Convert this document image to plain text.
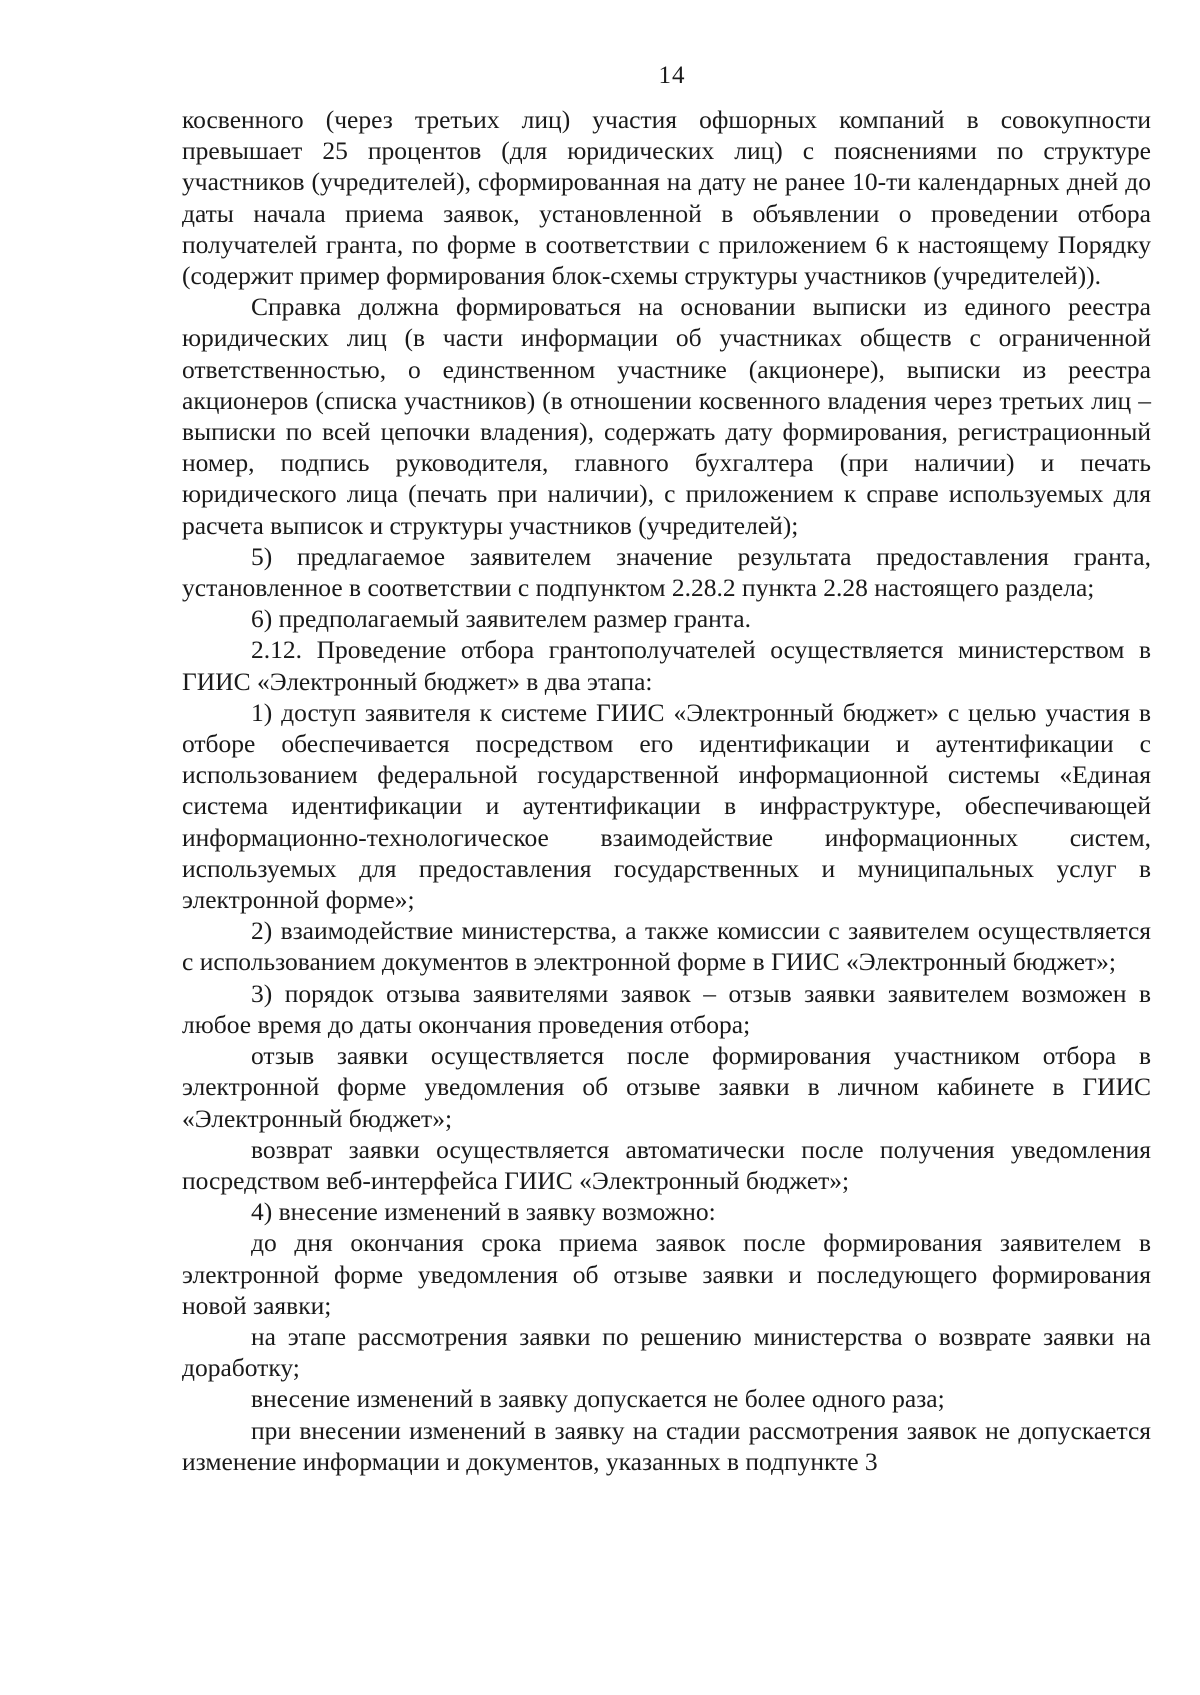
14

косвенного (через третьих лиц) участия офшорных компаний в совокупности превышает 25 процентов (для юридических лиц) с пояснениями по структуре участников (учредителей), сформированная на дату не ранее 10-ти календарных дней до даты начала приема заявок, установленной в объявлении о проведении отбора получателей гранта, по форме в соответствии с приложением 6 к настоящему Порядку (содержит пример формирования блок-схемы структуры участников (учредителей)).

Справка должна формироваться на основании выписки из единого реестра юридических лиц (в части информации об участниках обществ с ограниченной ответственностью, о единственном участнике (акционере), выписки из реестра акционеров (списка участников) (в отношении косвенного владения через третьих лиц – выписки по всей цепочки владения), содержать дату формирования, регистрационный номер, подпись руководителя, главного бухгалтера (при наличии) и печать юридического лица (печать при наличии), с приложением к справе используемых для расчета выписок и структуры участников (учредителей);

5) предлагаемое заявителем значение результата предоставления гранта, установленное в соответствии с подпунктом 2.28.2 пункта 2.28 настоящего раздела;

6) предполагаемый заявителем размер гранта.

2.12. Проведение отбора грантополучателей осуществляется министерством в ГИИС «Электронный бюджет» в два этапа:

1) доступ заявителя к системе ГИИС «Электронный бюджет» с целью участия в отборе обеспечивается посредством его идентификации и аутентификации с использованием федеральной государственной информационной системы «Единая система идентификации и аутентификации в инфраструктуре, обеспечивающей информационно-технологическое взаимодействие информационных систем, используемых для предоставления государственных и муниципальных услуг в электронной форме»;

2) взаимодействие министерства, а также комиссии с заявителем осуществляется с использованием документов в электронной форме в ГИИС «Электронный бюджет»;

3) порядок отзыва заявителями заявок – отзыв заявки заявителем возможен в любое время до даты окончания проведения отбора;

отзыв заявки осуществляется после формирования участником отбора в электронной форме уведомления об отзыве заявки в личном кабинете в ГИИС «Электронный бюджет»;

возврат заявки осуществляется автоматически после получения уведомления посредством веб-интерфейса ГИИС «Электронный бюджет»;

4) внесение изменений в заявку возможно:

до дня окончания срока приема заявок после формирования заявителем в электронной форме уведомления об отзыве заявки и последующего формирования новой заявки;

на этапе рассмотрения заявки по решению министерства о возврате заявки на доработку;

внесение изменений в заявку допускается не более одного раза;

при внесении изменений в заявку на стадии рассмотрения заявок не допускается изменение информации и документов, указанных в подпункте 3
